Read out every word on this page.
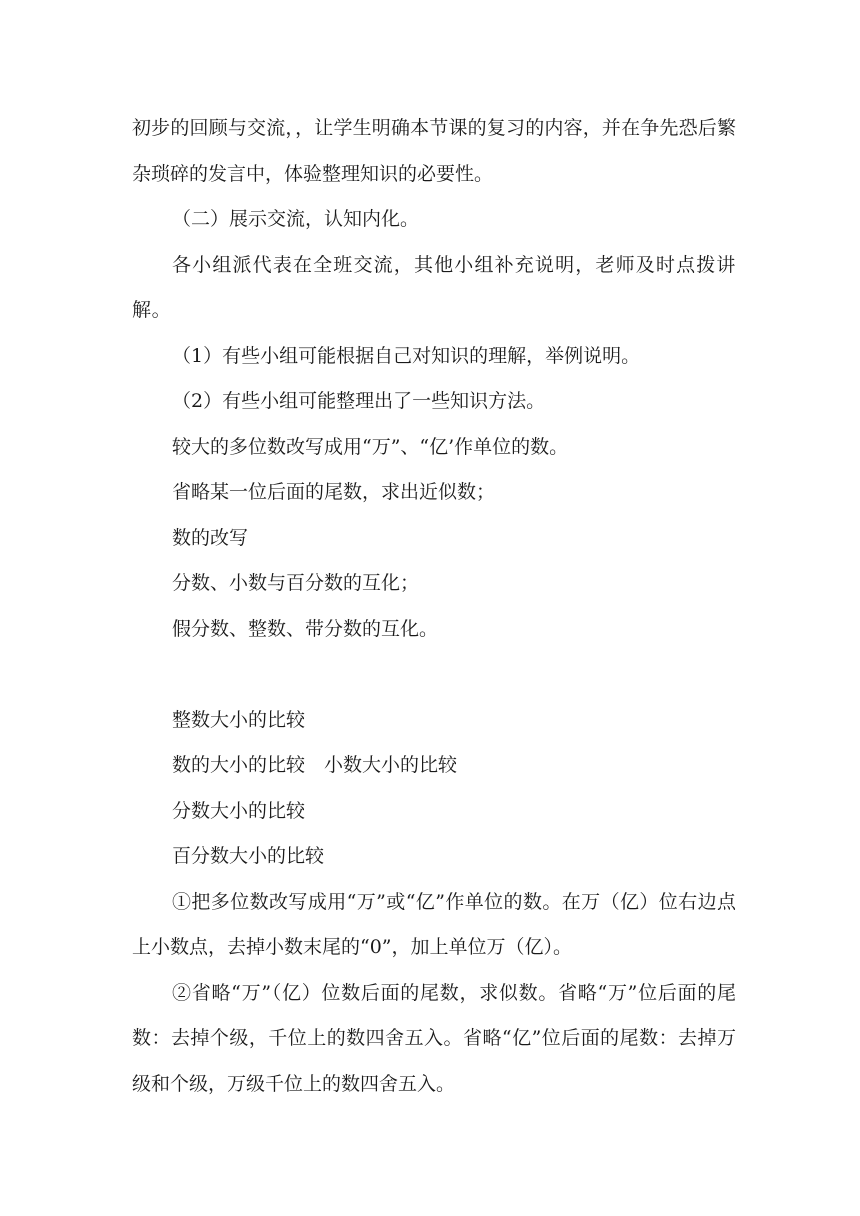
初步的回顾与交流，，让学生明确本节课的复习的内容，并在争先恐后繁杂琐碎的发言中，体验整理知识的必要性。

（二）展示交流，认知内化。

各小组派代表在全班交流，其他小组补充说明，老师及时点拨讲解。

（1）有些小组可能根据自己对知识的理解，举例说明。

（2）有些小组可能整理出了一些知识方法。

较大的多位数改写成用“万”、“亿’作单位的数。

省略某一位后面的尾数，求出近似数；

数的改写

分数、小数与百分数的互化；

假分数、整数、带分数的互化。

整数大小的比较

数的大小的比较　小数大小的比较

分数大小的比较

百分数大小的比较

①把多位数改写成用“万”或“亿”作单位的数。在万（亿）位右边点上小数点，去掉小数末尾的“0”，加上单位万（亿）。

②省略“万”（亿）位数后面的尾数，求似数。省略“万”位后面的尾数：去掉个级，千位上的数四舍五入。省略“亿”位后面的尾数：去掉万级和个级，万级千位上的数四舍五入。
